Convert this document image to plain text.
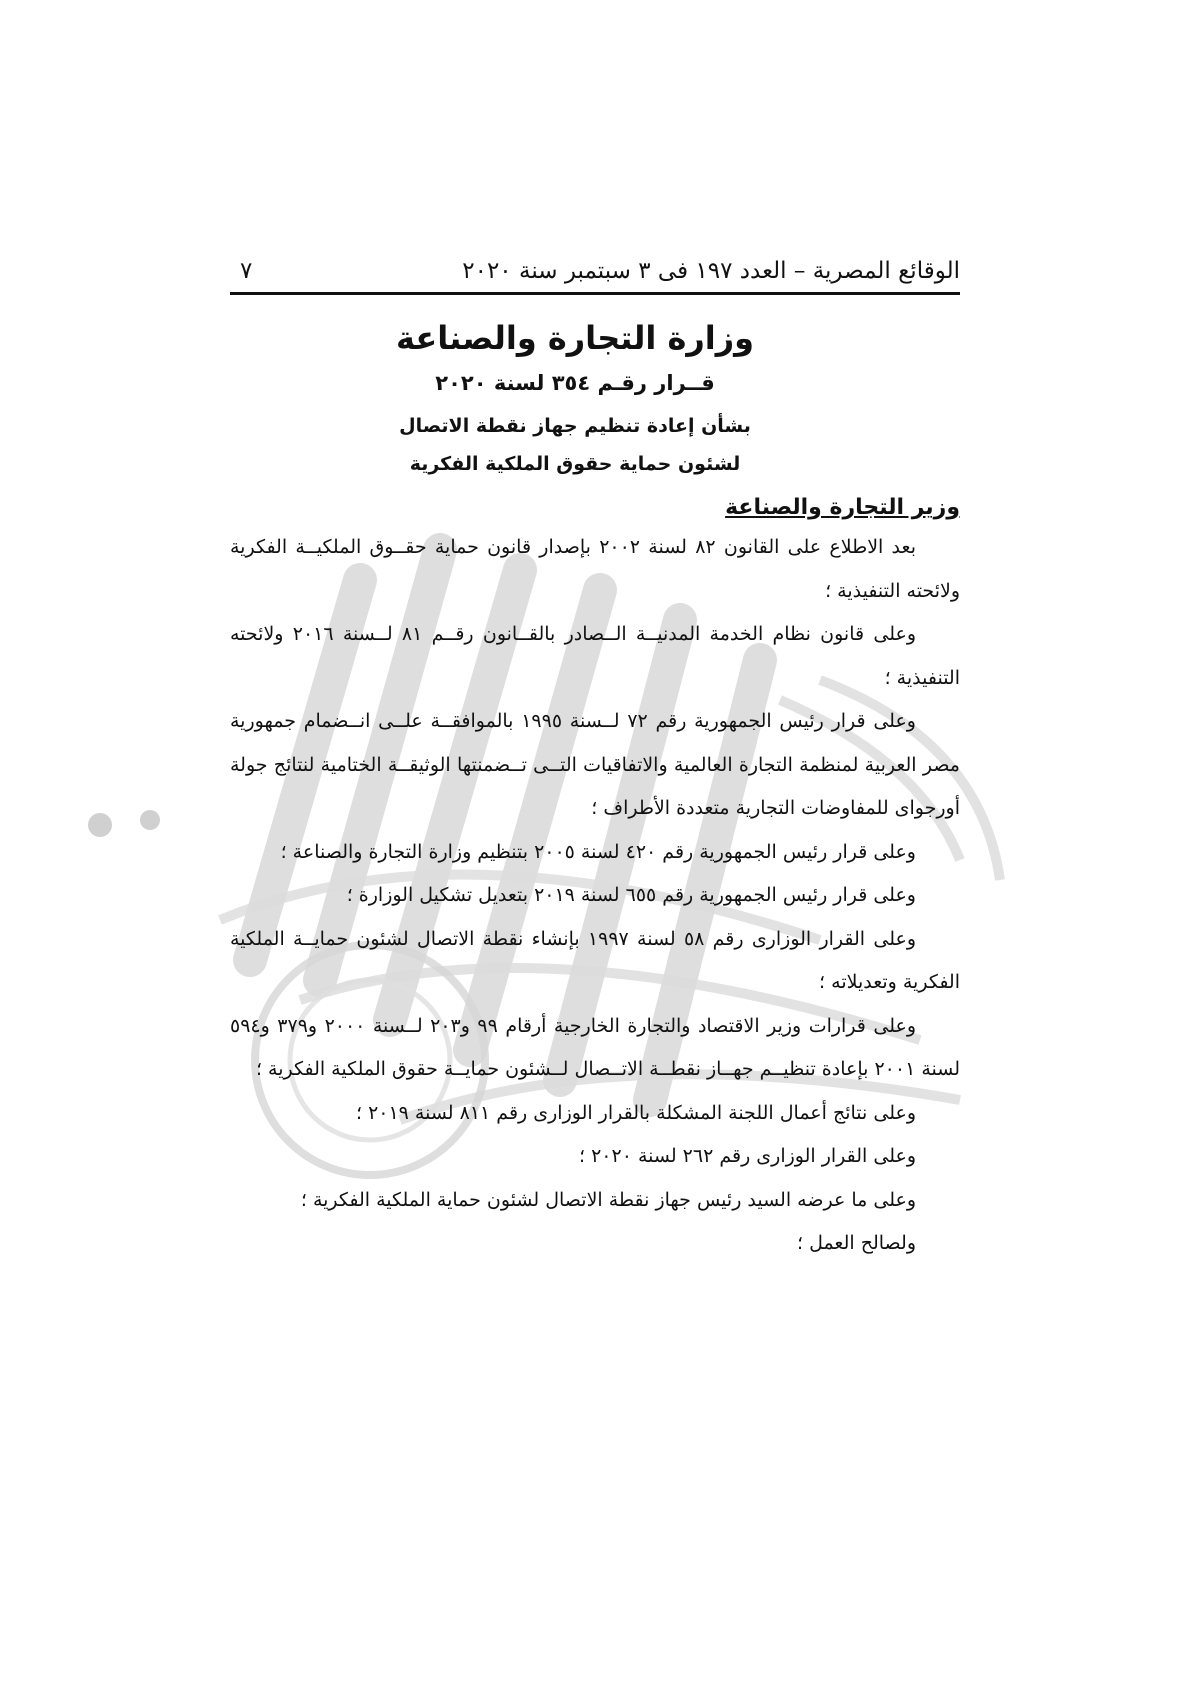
الوقائع المصرية – العدد ١٩٧ فى ٣ سبتمبر سنة ٢٠٢٠
٧
وزارة التجارة والصناعة
قــرار رقـم ٣٥٤ لسنة ٢٠٢٠
بشأن إعادة تنظيم جهاز نقطة الاتصال
لشئون حماية حقوق الملكية الفكرية
وزير التجارة والصناعة
بعد الاطلاع على القانون ٨٢ لسنة ٢٠٠٢ بإصدار قانون حماية حقــوق الملكيــة الفكرية ولائحته التنفيذية ؛
وعلى قانون نظام الخدمة المدنيــة الــصادر بالقــانون رقــم ٨١ لــسنة ٢٠١٦ ولائحته التنفيذية ؛
وعلى قرار رئيس الجمهورية رقم ٧٢ لــسنة ١٩٩٥ بالموافقــة علــى انــضمام جمهورية مصر العربية لمنظمة التجارة العالمية والاتفاقيات التــى تــضمنتها الوثيقــة الختامية لنتائج جولة أورجواى للمفاوضات التجارية متعددة الأطراف ؛
وعلى قرار رئيس الجمهورية رقم ٤٢٠ لسنة ٢٠٠٥ بتنظيم وزارة التجارة والصناعة ؛
وعلى قرار رئيس الجمهورية رقم ٦٥٥ لسنة ٢٠١٩ بتعديل تشكيل الوزارة ؛
وعلى القرار الوزارى رقم ٥٨ لسنة ١٩٩٧ بإنشاء نقطة الاتصال لشئون حمايــة الملكية الفكرية وتعديلاته ؛
وعلى قرارات وزير الاقتصاد والتجارة الخارجية أرقام ٩٩ و٢٠٣ لــسنة ٢٠٠٠ و٣٧٩ و٥٩٤ لسنة ٢٠٠١ بإعادة تنظيــم جهــاز نقطــة الاتــصال لــشئون حمايــة حقوق الملكية الفكرية ؛
وعلى نتائج أعمال اللجنة المشكلة بالقرار الوزارى رقم ٨١١ لسنة ٢٠١٩ ؛
وعلى القرار الوزارى رقم ٢٦٢ لسنة ٢٠٢٠ ؛
وعلى ما عرضه السيد رئيس جهاز نقطة الاتصال لشئون حماية الملكية الفكرية ؛
ولصالح العمل ؛
